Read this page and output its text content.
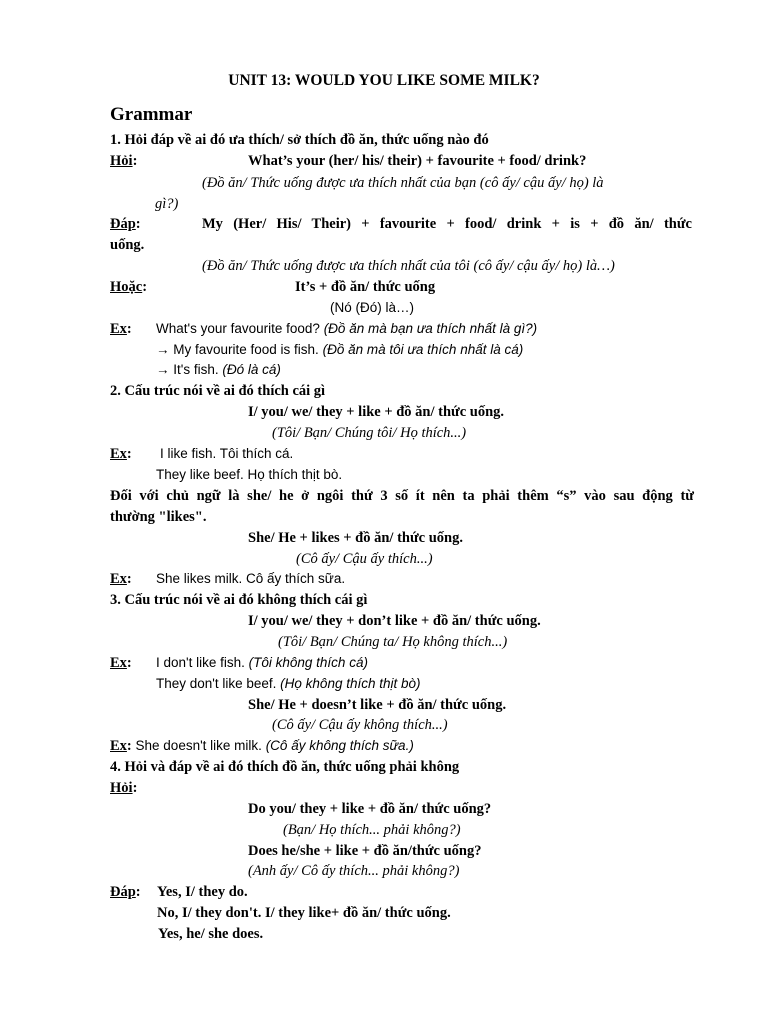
UNIT 13: WOULD YOU LIKE SOME MILK?
Grammar
1. Hỏi đáp về ai đó ưa thích/ sở thích đồ ăn, thức uống nào đó
Hỏi:	What’s your (her/ his/ their) + favourite + food/ drink?
(Đồ ăn/ Thức uống được ưa thích nhất của bạn (cô ấy/ cậu ấy/ họ) là
gì?)
Đáp:	My (Her/ His/ Their) + favourite + food/ drink + is + đồ ăn/ thức
uống.
(Đồ ăn/ Thức uống được ưa thích nhất của tôi (cô ấy/ cậu ấy/ họ) là…)
Hoặc:	It’s + đồ ăn/ thức uống
(Nó (Đó) là…)
Ex: What's your favourite food? (Đồ ăn mà bạn ưa thích nhất là gì?)
→ My favourite food is fish. (Đồ ăn mà tôi ưa thích nhất là cá)
→ It's fish. (Đó là cá)
2. Cấu trúc nói về ai đó thích cái gì
I/ you/ we/ they + like + đồ ăn/ thức uống.
(Tôi/ Bạn/ Chúng tôi/ Họ thích...)
Ex: I like fish. Tôi thích cá.
They like beef. Họ thích thịt bò.
Đối với chủ ngữ là she/ he ở ngôi thứ 3 số ít nên ta phải thêm “s” vào sau động từ
thường "likes".
She/ He + likes + đồ ăn/ thức uống.
(Cô ấy/ Cậu ấy thích...)
Ex: She likes milk. Cô ấy thích sữa.
3. Cấu trúc nói về ai đó không thích cái gì
I/ you/ we/ they + don’t like + đồ ăn/ thức uống.
(Tôi/ Bạn/ Chúng ta/ Họ không thích...)
Ex: I don't like fish. (Tôi không thích cá)
They don't like beef. (Họ không thích thịt bò)
She/ He + doesn’t like + đồ ăn/ thức uống.
(Cô ấy/ Cậu ấy không thích...)
Ex: She doesn't like milk. (Cô ấy không thích sữa.)
4. Hỏi và đáp về ai đó thích đồ ăn, thức uống phải không
Hỏi:
Do you/ they + like + đồ ăn/ thức uống?
(Bạn/ Họ thích... phải không?)
Does he/she + like + đồ ăn/thức uống?
(Anh ấy/ Cô ấy thích... phải không?)
Đáp: Yes, I/ they do.
No, I/ they don't. I/ they like+ đồ ăn/ thức uống.
Yes, he/ she does.
